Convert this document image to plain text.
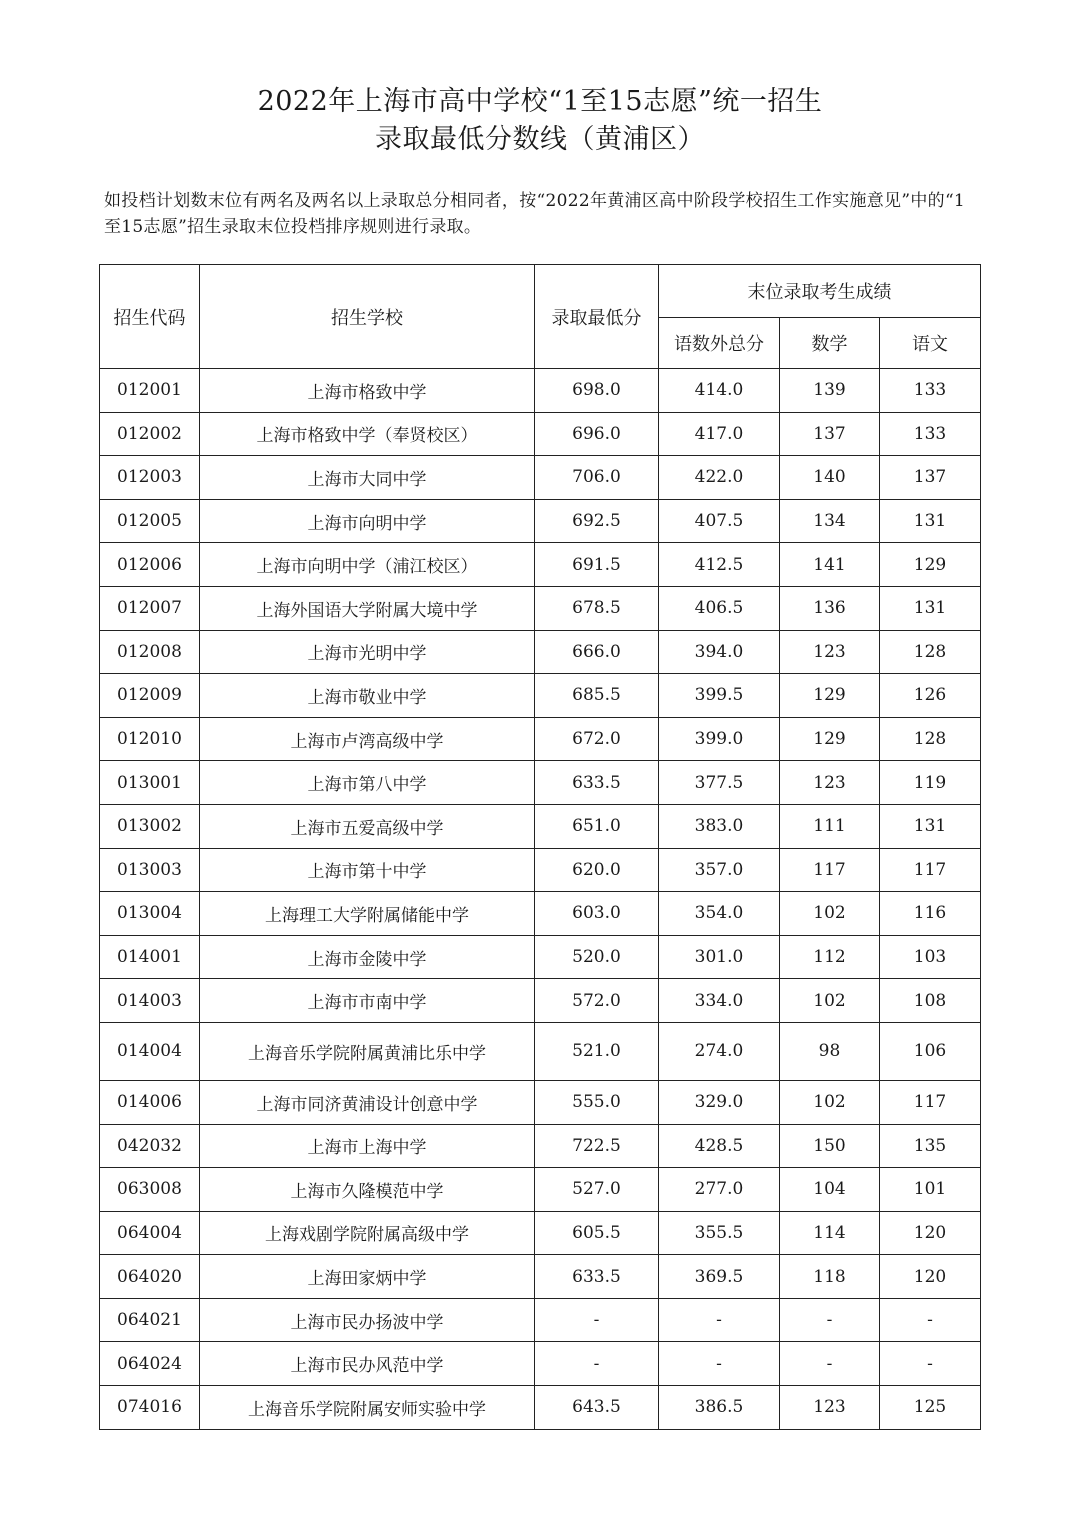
2022年上海市高中学校“1至15志愿”统一招生
录取最低分数线（黄浦区）
如投档计划数末位有两名及两名以上录取总分相同者，按“2022年黄浦区高中阶段学校招生工作实施意见”中的“1至15志愿”招生录取末位投档排序规则进行录取。
招生代码	招生学校	录取最低分	末位录取考生成绩		
			语数外总分	数学	语文
012001	上海市格致中学	698.0	414.0	139	133
012002	上海市格致中学（奉贤校区）	696.0	417.0	137	133
012003	上海市大同中学	706.0	422.0	140	137
012005	上海市向明中学	692.5	407.5	134	131
012006	上海市向明中学（浦江校区）	691.5	412.5	141	129
012007	上海外国语大学附属大境中学	678.5	406.5	136	131
012008	上海市光明中学	666.0	394.0	123	128
012009	上海市敬业中学	685.5	399.5	129	126
012010	上海市卢湾高级中学	672.0	399.0	129	128
013001	上海市第八中学	633.5	377.5	123	119
013002	上海市五爱高级中学	651.0	383.0	111	131
013003	上海市第十中学	620.0	357.0	117	117
013004	上海理工大学附属储能中学	603.0	354.0	102	116
014001	上海市金陵中学	520.0	301.0	112	103
014003	上海市市南中学	572.0	334.0	102	108
014004	上海音乐学院附属黄浦比乐中学	521.0	274.0	98	106
014006	上海市同济黄浦设计创意中学	555.0	329.0	102	117
042032	上海市上海中学	722.5	428.5	150	135
063008	上海市久隆模范中学	527.0	277.0	104	101
064004	上海戏剧学院附属高级中学	605.5	355.5	114	120
064020	上海田家炳中学	633.5	369.5	118	120
064021	上海市民办扬波中学	-	-	-	-
064024	上海市民办风范中学	-	-	-	-
074016	上海音乐学院附属安师实验中学	643.5	386.5	123	125
